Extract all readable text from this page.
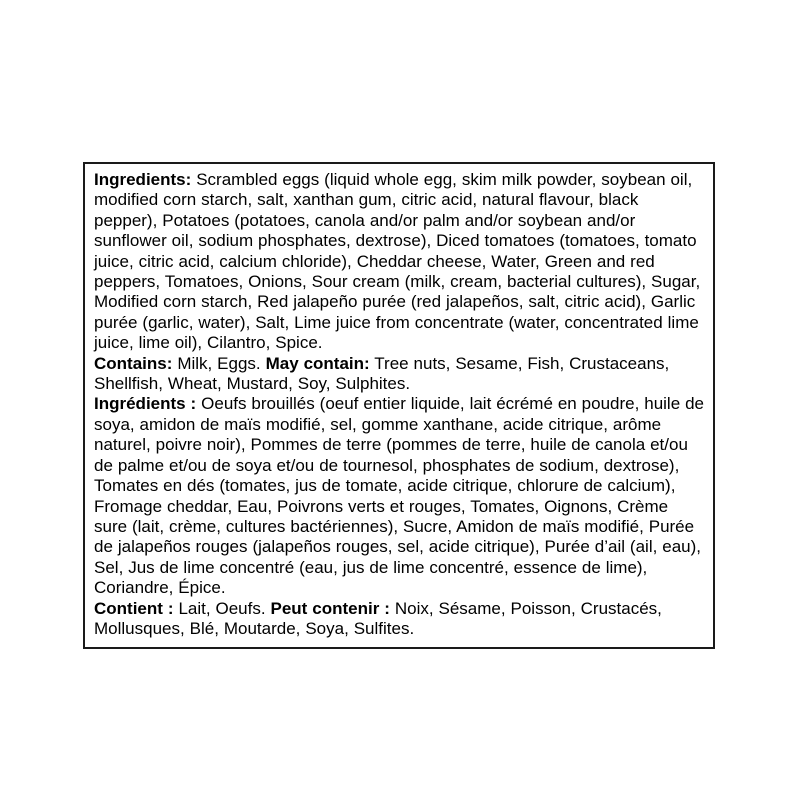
Ingredients: Scrambled eggs (liquid whole egg, skim milk powder, soybean oil, modified corn starch, salt, xanthan gum, citric acid, natural flavour, black pepper), Potatoes (potatoes, canola and/or palm and/or soybean and/or sunflower oil, sodium phosphates, dextrose), Diced tomatoes (tomatoes, tomato juice, citric acid, calcium chloride), Cheddar cheese, Water, Green and red peppers, Tomatoes, Onions, Sour cream (milk, cream, bacterial cultures), Sugar, Modified corn starch, Red jalapeño purée (red jalapeños, salt, citric acid), Garlic purée (garlic, water), Salt, Lime juice from concentrate (water, concentrated lime juice, lime oil), Cilantro, Spice.

Contains: Milk, Eggs. May contain: Tree nuts, Sesame, Fish, Crustaceans, Shellfish, Wheat, Mustard, Soy, Sulphites.

Ingrédients : Oeufs brouillés (oeuf entier liquide, lait écrémé en poudre, huile de soya, amidon de maïs modifié, sel, gomme xanthane, acide citrique, arôme naturel, poivre noir), Pommes de terre (pommes de terre, huile de canola et/ou de palme et/ou de soya et/ou de tournesol, phosphates de sodium, dextrose), Tomates en dés (tomates, jus de tomate, acide citrique, chlorure de calcium), Fromage cheddar, Eau, Poivrons verts et rouges, Tomates, Oignons, Crème sure (lait, crème, cultures bactériennes), Sucre, Amidon de maïs modifié, Purée de jalapeños rouges (jalapeños rouges, sel, acide citrique), Purée d’ail (ail, eau), Sel, Jus de lime concentré (eau, jus de lime concentré, essence de lime), Coriandre, Épice.

Contient : Lait, Oeufs. Peut contenir : Noix, Sésame, Poisson, Crustacés, Mollusques, Blé, Moutarde, Soya, Sulfites.
